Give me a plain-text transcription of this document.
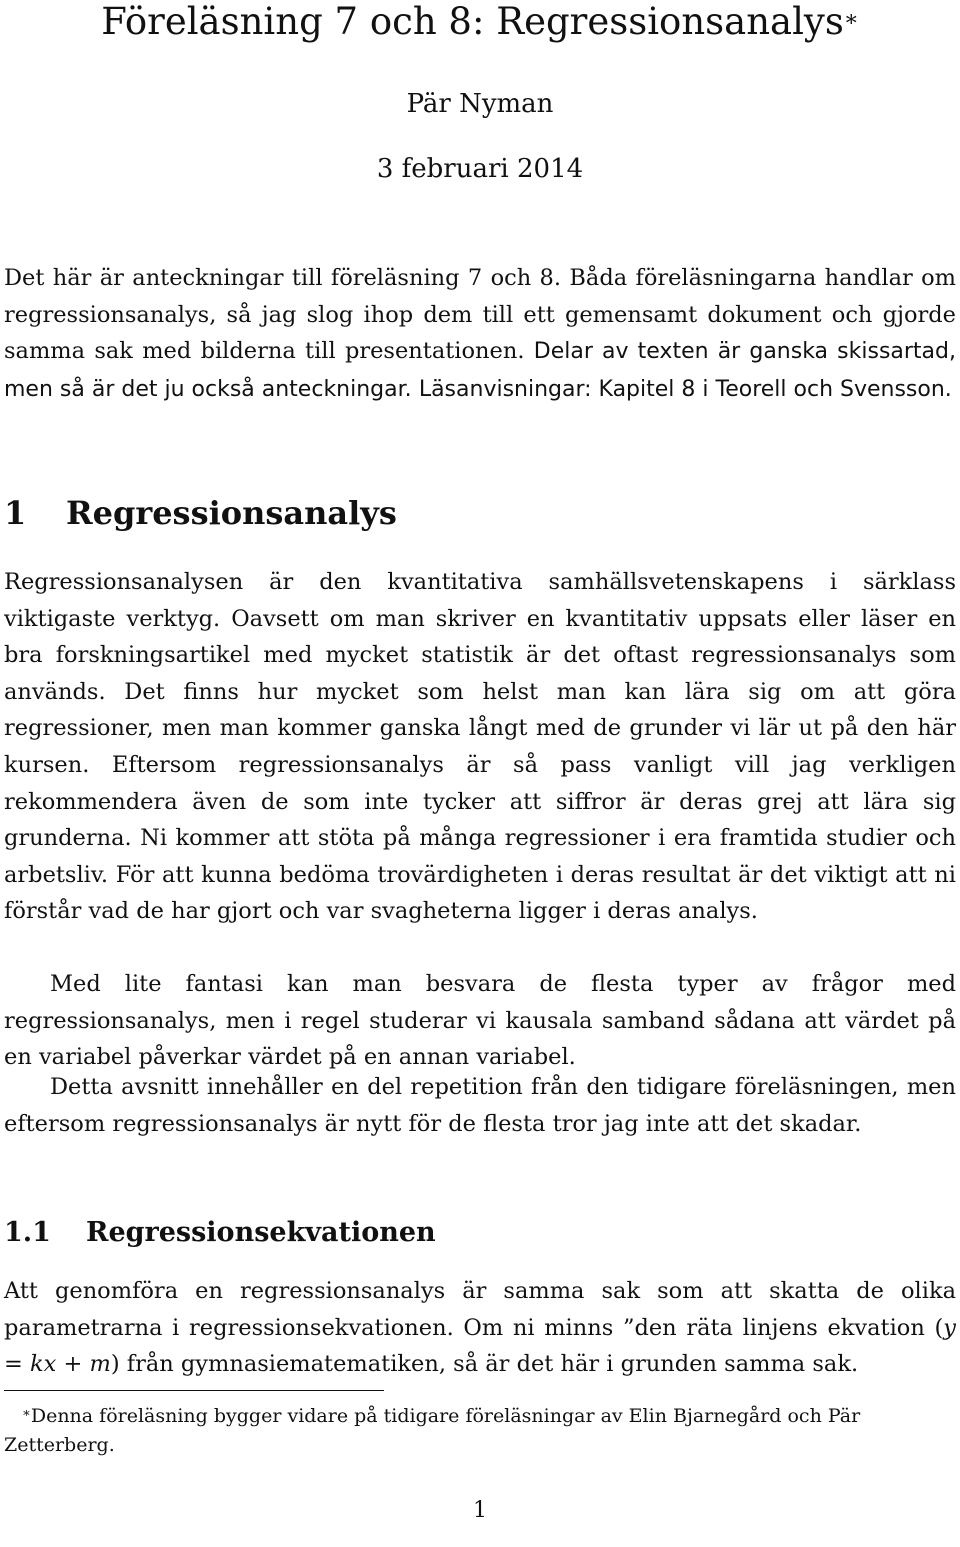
Föreläsning 7 och 8: Regressionsanalys∗
Pär Nyman
3 februari 2014

Det här är anteckningar till föreläsning 7 och 8. Båda föreläsningarna handlar om regressionsanalys, så jag slog ihop dem till ett gemensamt dokument och gjorde samma sak med bilderna till presentationen. Delar av texten är ganska skissartad, men så är det ju också anteckningar. Läsanvisningar: Kapitel 8 i Teorell och Svensson.

1 Regressionsanalys

Regressionsanalysen är den kvantitativa samhällsvetenskapens i särklass viktigaste verktyg. Oavsett om man skriver en kvantitativ uppsats eller läser en bra forskningsartikel med mycket statistik är det oftast regressionsanalys som används. Det finns hur mycket som helst man kan lära sig om att göra regressioner, men man kommer ganska långt med de grunder vi lär ut på den här kursen. Eftersom regressionsanalys är så pass vanligt vill jag verkligen rekommendera även de som inte tycker att siffror är deras grej att lära sig grunderna. Ni kommer att stöta på många regressioner i era framtida studier och arbetsliv. För att kunna bedöma trovärdigheten i deras resultat är det viktigt att ni förstår vad de har gjort och var svagheterna ligger i deras analys.

Med lite fantasi kan man besvara de flesta typer av frågor med regressionsanalys, men i regel studerar vi kausala samband sådana att värdet på en variabel påverkar värdet på en annan variabel.

Detta avsnitt innehåller en del repetition från den tidigare föreläsningen, men eftersom regressionsanalys är nytt för de flesta tror jag inte att det skadar.

1.1 Regressionsekvationen

Att genomföra en regressionsanalys är samma sak som att skatta de olika parametrarna i regressionsekvationen. Om ni minns ”den räta linjens ekvation (y = kx + m) från gymnasiematematiken, så är det här i grunden samma sak.

∗Denna föreläsning bygger vidare på tidigare föreläsningar av Elin Bjarnegård och Pär Zetterberg.

1
